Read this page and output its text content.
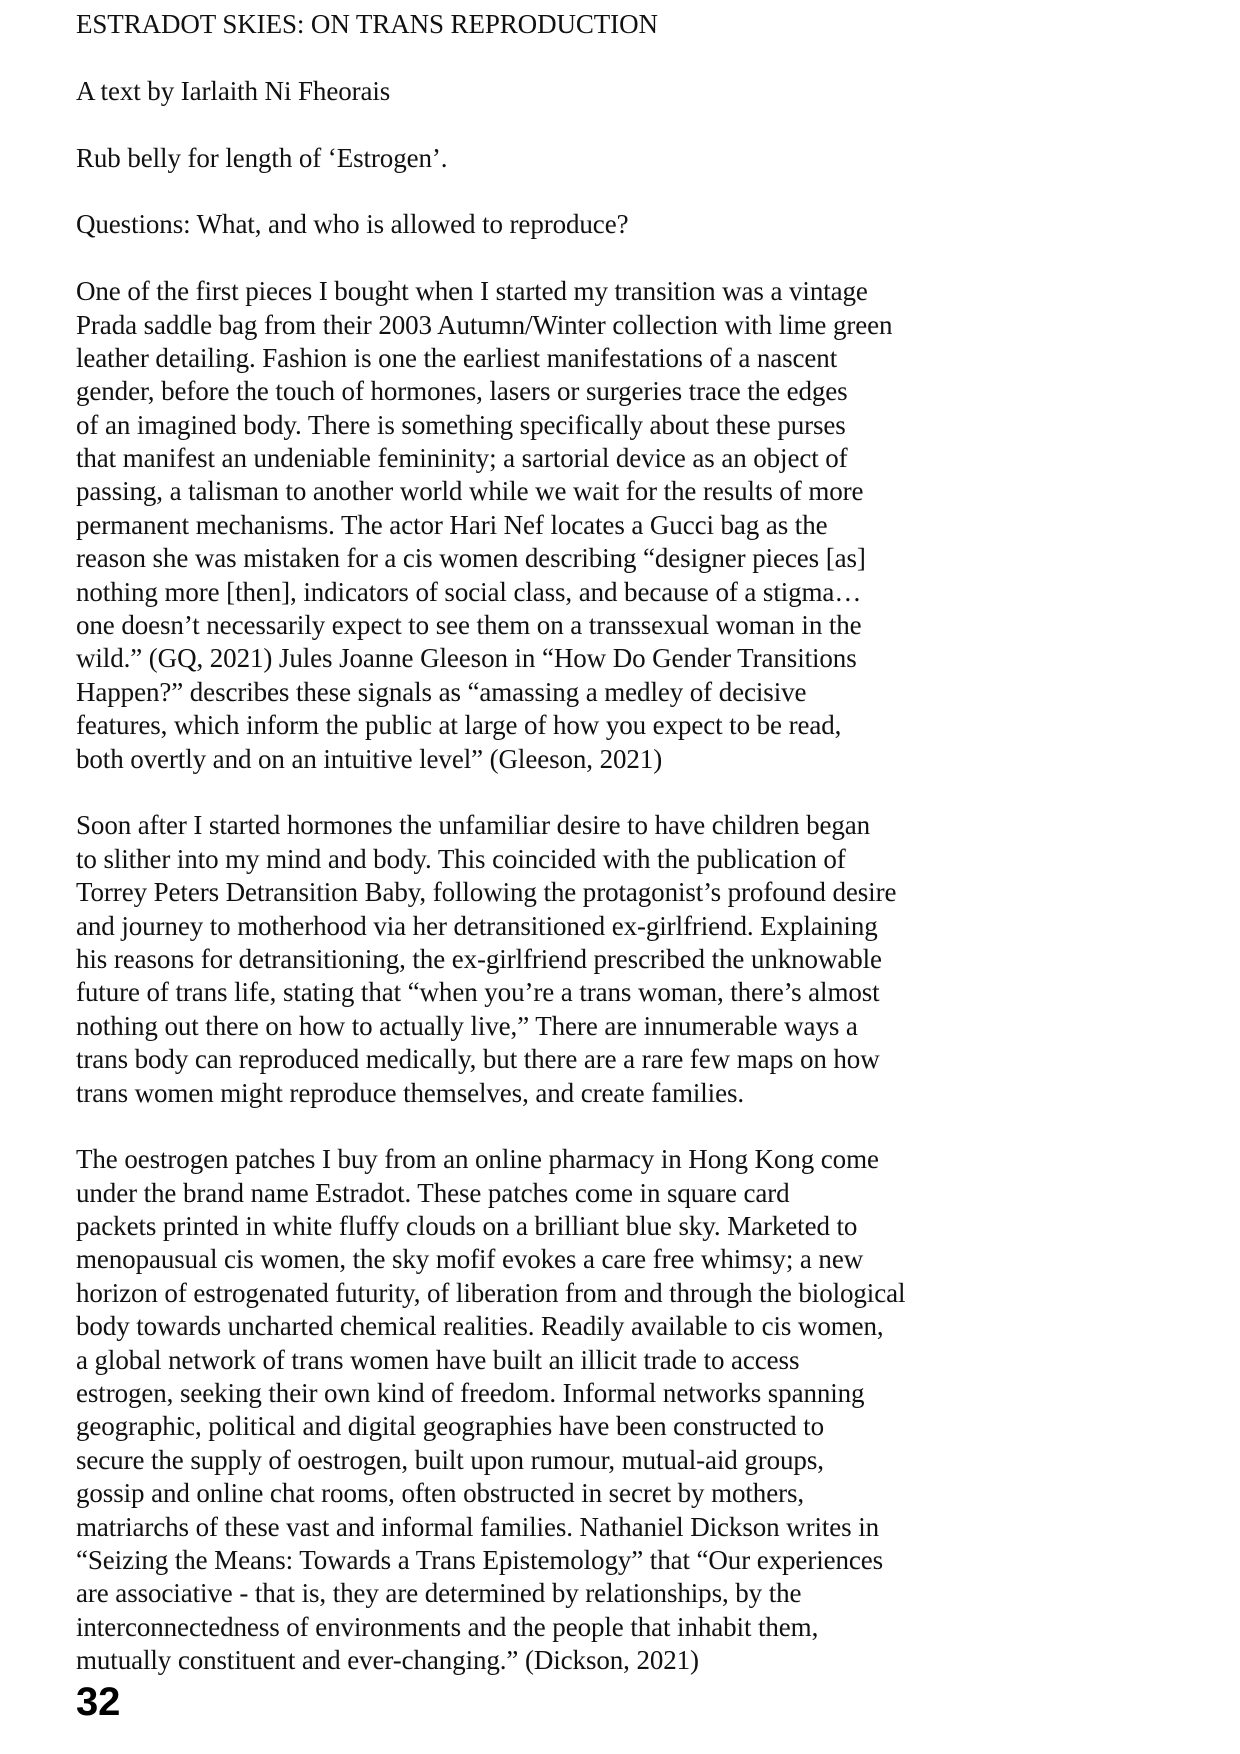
ESTRADOT SKIES: ON TRANS REPRODUCTION
A text by Iarlaith Ni Fheorais
Rub belly for length of ‘Estrogen’.
Questions: What, and who is allowed to reproduce?
One of the first pieces I bought when I started my transition was a vintage
Prada saddle bag from their 2003 Autumn/Winter collection with lime green
leather detailing. Fashion is one the earliest manifestations of a nascent
gender, before the touch of hormones, lasers or surgeries trace the edges
of an imagined body. There is something specifically about these purses
that manifest an undeniable femininity; a sartorial device as an object of
passing, a talisman to another world while we wait for the results of more
permanent mechanisms. The actor Hari Nef locates a Gucci bag as the
reason she was mistaken for a cis women describing “designer pieces [as]
nothing more [then], indicators of social class, and because of a stigma…
one doesn’t necessarily expect to see them on a transsexual woman in the
wild.” (GQ, 2021) Jules Joanne Gleeson in “How Do Gender Transitions
Happen?” describes these signals as “amassing a medley of decisive
features, which inform the public at large of how you expect to be read,
both overtly and on an intuitive level” (Gleeson, 2021)
Soon after I started hormones the unfamiliar desire to have children began
to slither into my mind and body. This coincided with the publication of
Torrey Peters Detransition Baby, following the protagonist’s profound desire
and journey to motherhood via her detransitioned ex-girlfriend. Explaining
his reasons for detransitioning, the ex-girlfriend prescribed the unknowable
future of trans life, stating that “when you’re a trans woman, there’s almost
nothing out there on how to actually live,” There are innumerable ways a
trans body can reproduced medically, but there are a rare few maps on how
trans women might reproduce themselves, and create families.
The oestrogen patches I buy from an online pharmacy in Hong Kong come
under the brand name Estradot. These patches come in square card
packets printed in white fluffy clouds on a brilliant blue sky. Marketed to
menopausual cis women, the sky mofif evokes a care free whimsy; a new
horizon of estrogenated futurity, of liberation from and through the biological
body towards uncharted chemical realities. Readily available to cis women,
a global network of trans women have built an illicit trade to access
estrogen, seeking their own kind of freedom. Informal networks spanning
geographic, political and digital geographies have been constructed to
secure the supply of oestrogen, built upon rumour, mutual-aid groups,
gossip and online chat rooms, often obstructed in secret by mothers,
matriarchs of these vast and informal families. Nathaniel Dickson writes in
“Seizing the Means: Towards a Trans Epistemology” that “Our experiences
are associative - that is, they are determined by relationships, by the
interconnectedness of environments and the people that inhabit them,
mutually constituent and ever-changing.” (Dickson, 2021)
32
